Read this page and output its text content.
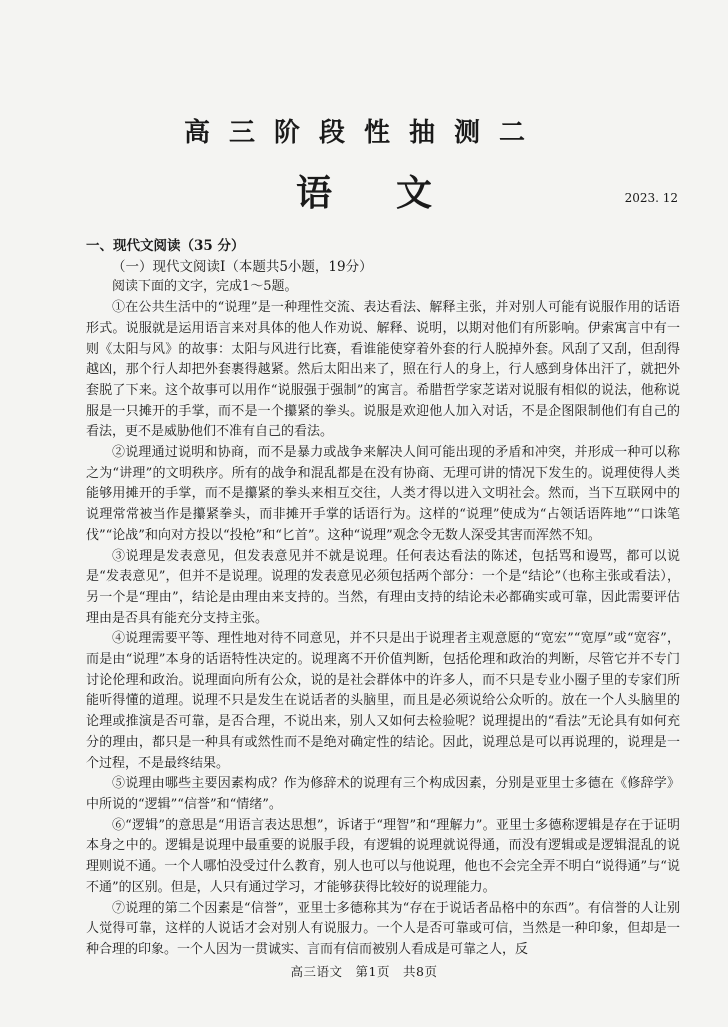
高三阶段性抽测二
语文	2023. 12

一、现代文阅读（35 分）

（一）现代文阅读Ⅰ（本题共5小题，19分）

阅读下面的文字，完成1～5题。

①在公共生活中的“说理”是一种理性交流、表达看法、解释主张，并对别人可能有说服作用的话语形式。说服就是运用语言来对具体的他人作劝说、解释、说明，以期对他们有所影响。伊索寓言中有一则《太阳与风》的故事：太阳与风进行比赛，看谁能使穿着外套的行人脱掉外套。风刮了又刮，但刮得越凶，那个行人却把外套裹得越紧。然后太阳出来了，照在行人的身上，行人感到身体出汗了，就把外套脱了下来。这个故事可以用作“说服强于强制”的寓言。希腊哲学家芝诺对说服有相似的说法，他称说服是一只摊开的手掌，而不是一个攥紧的拳头。说服是欢迎他人加入对话，不是企图限制他们有自己的看法，更不是威胁他们不准有自己的看法。

②说理通过说明和协商，而不是暴力或战争来解决人间可能出现的矛盾和冲突，并形成一种可以称之为“讲理”的文明秩序。所有的战争和混乱都是在没有协商、无理可讲的情况下发生的。说理使得人类能够用摊开的手掌，而不是攥紧的拳头来相互交往，人类才得以进入文明社会。然而，当下互联网中的说理常常被当作是攥紧拳头，而非摊开手掌的话语行为。这样的“说理”使成为“占领话语阵地”“口诛笔伐”“论战”和向对方投以“投枪”和“匕首”。这种“说理”观念令无数人深受其害而浑然不知。

③说理是发表意见，但发表意见并不就是说理。任何表达看法的陈述，包括骂和谩骂，都可以说是“发表意见”，但并不是说理。说理的发表意见必须包括两个部分：一个是“结论”（也称主张或看法），另一个是“理由”，结论是由理由来支持的。当然，有理由支持的结论未必都确实或可靠，因此需要评估理由是否具有能充分支持主张。

④说理需要平等、理性地对待不同意见，并不只是出于说理者主观意愿的“宽宏”“宽厚”或“宽容”，而是由“说理”本身的话语特性决定的。说理离不开价值判断，包括伦理和政治的判断，尽管它并不专门讨论伦理和政治。说理面向所有公众，说的是社会群体中的许多人，而不只是专业小圈子里的专家们所能听得懂的道理。说理不只是发生在说话者的头脑里，而且是必须说给公众听的。放在一个人头脑里的论理或推演是否可靠，是否合理，不说出来，别人又如何去检验呢？说理提出的“看法”无论具有如何充分的理由，都只是一种具有或然性而不是绝对确定性的结论。因此，说理总是可以再说理的，说理是一个过程，不是最终结果。

⑤说理由哪些主要因素构成？作为修辞术的说理有三个构成因素，分别是亚里士多德在《修辞学》中所说的“逻辑”“信誉”和“情绪”。

⑥“逻辑”的意思是“用语言表达思想”，诉诸于“理智”和“理解力”。亚里士多德称逻辑是存在于证明本身之中的。逻辑是说理中最重要的说服手段，有逻辑的说理就说得通，而没有逻辑或是逻辑混乱的说理则说不通。一个人哪怕没受过什么教育，别人也可以与他说理，他也不会完全弄不明白“说得通”与“说不通”的区别。但是，人只有通过学习，才能够获得比较好的说理能力。

⑦说理的第二个因素是“信誉”，亚里士多德称其为“存在于说话者品格中的东西”。有信誉的人让别人觉得可靠，这样的人说话才会对别人有说服力。一个人是否可靠或可信，当然是一种印象，但却是一种合理的印象。一个人因为一贯诚实、言而有信而被别人看成是可靠之人，反

高三语文　第1页　共8页
